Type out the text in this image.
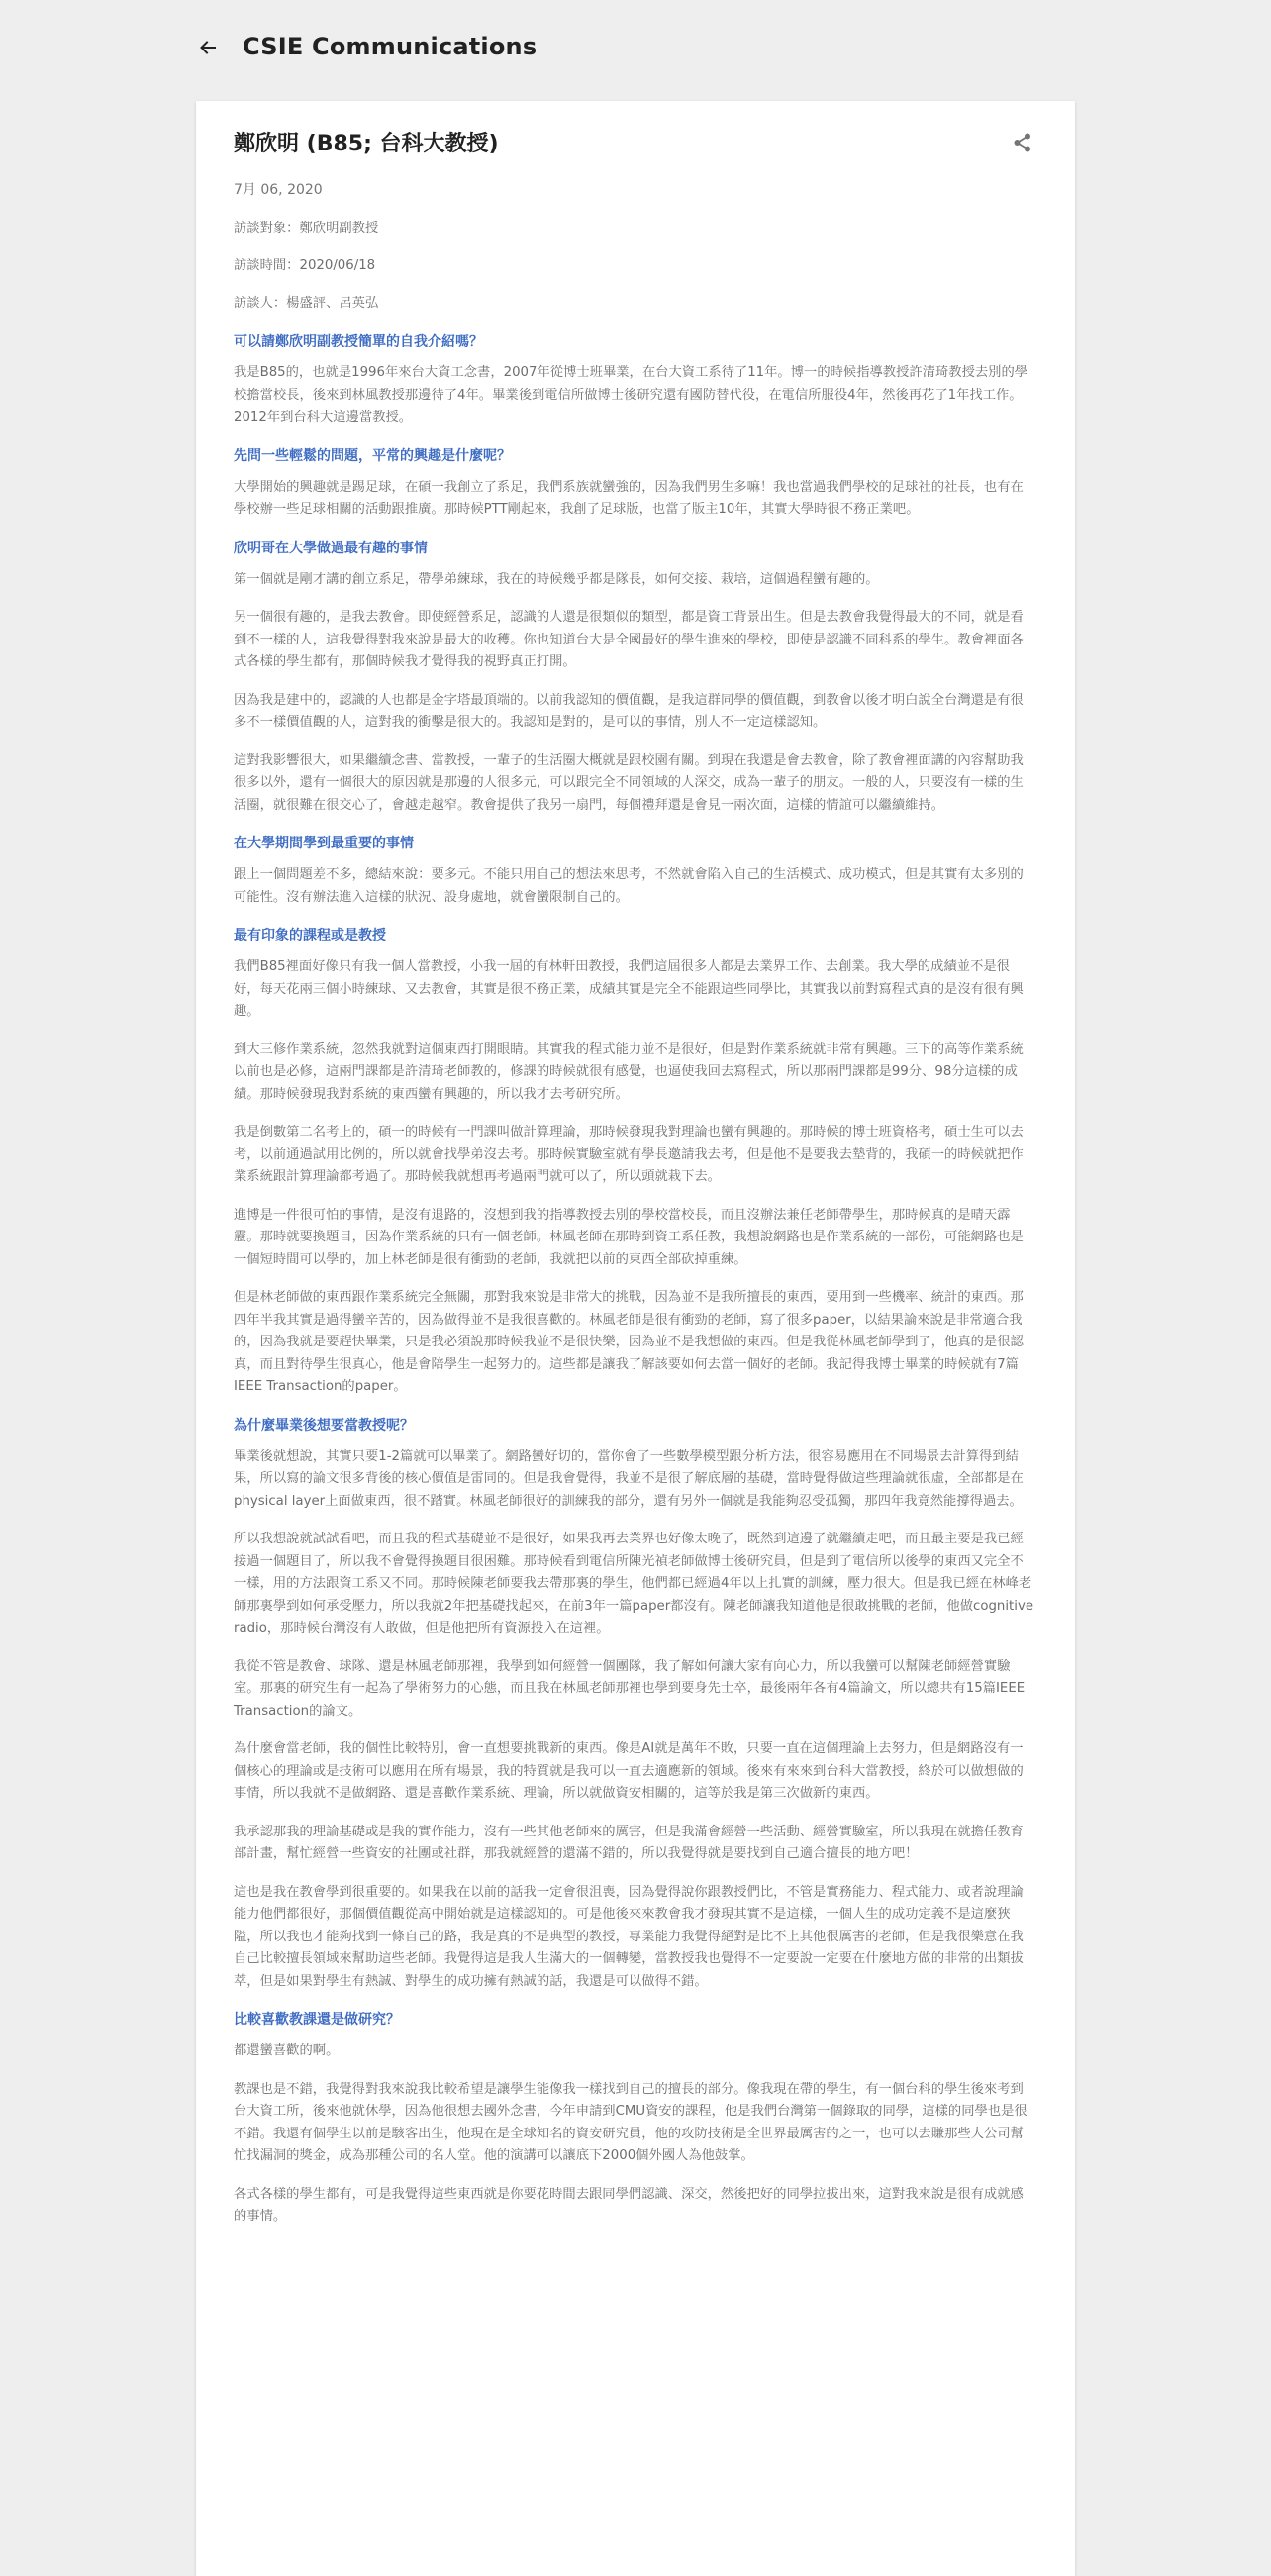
CSIE Communications
鄭欣明 (B85; 台科大教授)
7月 06, 2020

訪談對象：鄭欣明副教授

訪談時間：2020/06/18

訪談人：楊盛評、呂英弘

可以請鄭欣明副教授簡單的自我介紹嗎？

我是B85的，也就是1996年來台大資工念書，2007年從博士班畢業，在台大資工系待了11年。博一的時候指導教授許清琦教授去別的學校擔當校長，後來到林風教授那邊待了4年。畢業後到電信所做博士後研究還有國防替代役，在電信所服役4年，然後再花了1年找工作。2012年到台科大這邊當教授。

先問一些輕鬆的問題，平常的興趣是什麼呢？

大學開始的興趣就是踢足球，在碩一我創立了系足，我們系族就蠻強的，因為我們男生多嘛！我也當過我們學校的足球社的社長，也有在學校辦一些足球相關的活動跟推廣。那時候PTT剛起來，我創了足球版，也當了版主10年，其實大學時很不務正業吧。

欣明哥在大學做過最有趣的事情

第一個就是剛才講的創立系足，帶學弟練球，我在的時候幾乎都是隊長，如何交接、栽培，這個過程蠻有趣的。

另一個很有趣的，是我去教會。即使經營系足，認識的人還是很類似的類型，都是資工背景出生。但是去教會我覺得最大的不同，就是看到不一樣的人，這我覺得對我來說是最大的收穫。你也知道台大是全國最好的學生進來的學校，即使是認識不同科系的學生。教會裡面各式各樣的學生都有，那個時候我才覺得我的視野真正打開。

因為我是建中的，認識的人也都是金字塔最頂端的。以前我認知的價值觀，是我這群同學的價值觀，到教會以後才明白說全台灣還是有很多不一樣價值觀的人，這對我的衝擊是很大的。我認知是對的，是可以的事情，別人不一定這樣認知。

這對我影響很大，如果繼續念書、當教授，一輩子的生活圈大概就是跟校園有關。到現在我還是會去教會，除了教會裡面講的內容幫助我很多以外，還有一個很大的原因就是那邊的人很多元，可以跟完全不同領域的人深交，成為一輩子的朋友。一般的人，只要沒有一樣的生活圈，就很難在很交心了，會越走越窄。教會提供了我另一扇門，每個禮拜還是會見一兩次面，這樣的情誼可以繼續維持。

在大學期間學到最重要的事情

跟上一個問題差不多，總結來說：要多元。不能只用自己的想法來思考，不然就會陷入自己的生活模式、成功模式，但是其實有太多別的可能性。沒有辦法進入這樣的狀況、設身處地，就會蠻限制自己的。

最有印象的課程或是教授

我們B85裡面好像只有我一個人當教授，小我一屆的有林軒田教授，我們這屆很多人都是去業界工作、去創業。我大學的成績並不是很好，每天花兩三個小時練球、又去教會，其實是很不務正業，成績其實是完全不能跟這些同學比，其實我以前對寫程式真的是沒有很有興趣。

到大三修作業系統，忽然我就對這個東西打開眼睛。其實我的程式能力並不是很好，但是對作業系統就非常有興趣。三下的高等作業系統以前也是必修，這兩門課都是許清琦老師教的，修課的時候就很有感覺，也逼使我回去寫程式，所以那兩門課都是99分、98分這樣的成績。那時候發現我對系統的東西蠻有興趣的，所以我才去考研究所。

我是倒數第二名考上的，碩一的時候有一門課叫做計算理論，那時候發現我對理論也蠻有興趣的。那時候的博士班資格考，碩士生可以去考，以前通過試用比例的，所以就會找學弟沒去考。那時候實驗室就有學長邀請我去考，但是他不是要我去墊背的，我碩一的時候就把作業系統跟計算理論都考過了。那時候我就想再考過兩門就可以了，所以頭就栽下去。

進博是一件很可怕的事情，是沒有退路的，沒想到我的指導教授去別的學校當校長，而且沒辦法兼任老師帶學生，那時候真的是晴天霹靂。那時就要換題目，因為作業系統的只有一個老師。林風老師在那時到資工系任教，我想說網路也是作業系統的一部份，可能網路也是一個短時間可以學的，加上林老師是很有衝勁的老師，我就把以前的東西全部砍掉重練。

但是林老師做的東西跟作業系統完全無關，那對我來說是非常大的挑戰，因為並不是我所擅長的東西，要用到一些機率、統計的東西。那四年半我其實是過得蠻辛苦的，因為做得並不是我很喜歡的。林風老師是很有衝勁的老師，寫了很多paper，以結果論來說是非常適合我的，因為我就是要趕快畢業，只是我必須說那時候我並不是很快樂，因為並不是我想做的東西。但是我從林風老師學到了，他真的是很認真，而且對待學生很真心，他是會陪學生一起努力的。這些都是讓我了解該要如何去當一個好的老師。我記得我博士畢業的時候就有7篇IEEE Transaction的paper。

為什麼畢業後想要當教授呢？

畢業後就想說，其實只要1-2篇就可以畢業了。網路蠻好切的，當你會了一些數學模型跟分析方法，很容易應用在不同場景去計算得到結果，所以寫的論文很多背後的核心價值是雷同的。但是我會覺得，我並不是很了解底層的基礎，當時覺得做這些理論就很虛，全部都是在physical layer上面做東西，很不踏實。林風老師很好的訓練我的部分，還有另外一個就是我能夠忍受孤獨，那四年我竟然能撐得過去。

所以我想說就試試看吧，而且我的程式基礎並不是很好，如果我再去業界也好像太晚了，既然到這邊了就繼續走吧，而且最主要是我已經接過一個題目了，所以我不會覺得換題目很困難。那時候看到電信所陳光禎老師做博士後研究員，但是到了電信所以後學的東西又完全不一樣，用的方法跟資工系又不同。那時候陳老師要我去帶那裏的學生，他們都已經過4年以上扎實的訓練，壓力很大。但是我已經在林峰老師那裏學到如何承受壓力，所以我就2年把基礎找起來，在前3年一篇paper都沒有。陳老師讓我知道他是很敢挑戰的老師，他做cognitive radio，那時候台灣沒有人敢做，但是他把所有資源投入在這裡。

我從不管是教會、球隊、還是林風老師那裡，我學到如何經營一個團隊，我了解如何讓大家有向心力，所以我蠻可以幫陳老師經營實驗室。那裏的研究生有一起為了學術努力的心態，而且我在林風老師那裡也學到要身先士卒，最後兩年各有4篇論文，所以總共有15篇IEEE Transaction的論文。

為什麼會當老師，我的個性比較特別，會一直想要挑戰新的東西。像是AI就是萬年不敗，只要一直在這個理論上去努力，但是網路沒有一個核心的理論或是技術可以應用在所有場景，我的特質就是我可以一直去適應新的領域。後來有來來到台科大當教授，終於可以做想做的事情，所以我就不是做網路、還是喜歡作業系統、理論，所以就做資安相關的，這等於我是第三次做新的東西。

我承認那我的理論基礎或是我的實作能力，沒有一些其他老師來的厲害，但是我滿會經營一些活動、經營實驗室，所以我現在就擔任教育部計畫，幫忙經營一些資安的社團或社群，那我就經營的還滿不錯的，所以我覺得就是要找到自己適合擅長的地方吧！

這也是我在教會學到很重要的。如果我在以前的話我一定會很沮喪，因為覺得說你跟教授們比，不管是實務能力、程式能力、或者說理論能力他們都很好，那個價值觀從高中開始就是這樣認知的。可是他後來來教會我才發現其實不是這樣，一個人生的成功定義不是這麼狹隘，所以我也才能夠找到一條自己的路，我是真的不是典型的教授，專業能力我覺得絕對是比不上其他很厲害的老師，但是我很樂意在我自己比較擅長領域來幫助這些老師。我覺得這是我人生滿大的一個轉變，當教授我也覺得不一定要說一定要在什麼地方做的非常的出類拔萃，但是如果對學生有熱誠、對學生的成功擁有熱誠的話，我還是可以做得不錯。

比較喜歡教課還是做研究？

都還蠻喜歡的啊。

教課也是不錯，我覺得對我來說我比較希望是讓學生能像我一樣找到自己的擅長的部分。像我現在帶的學生，有一個台科的學生後來考到台大資工所，後來他就休學，因為他很想去國外念書，今年申請到CMU資安的課程，他是我們台灣第一個錄取的同學，這樣的同學也是很不錯。我還有個學生以前是駭客出生，他現在是全球知名的資安研究員，他的攻防技術是全世界最厲害的之一，也可以去賺那些大公司幫忙找漏洞的獎金，成為那種公司的名人堂。他的演講可以讓底下2000個外國人為他鼓掌。

各式各樣的學生都有，可是我覺得這些東西就是你要花時間去跟同學們認識、深交，然後把好的同學拉拔出來，這對我來說是很有成就感的事情。
